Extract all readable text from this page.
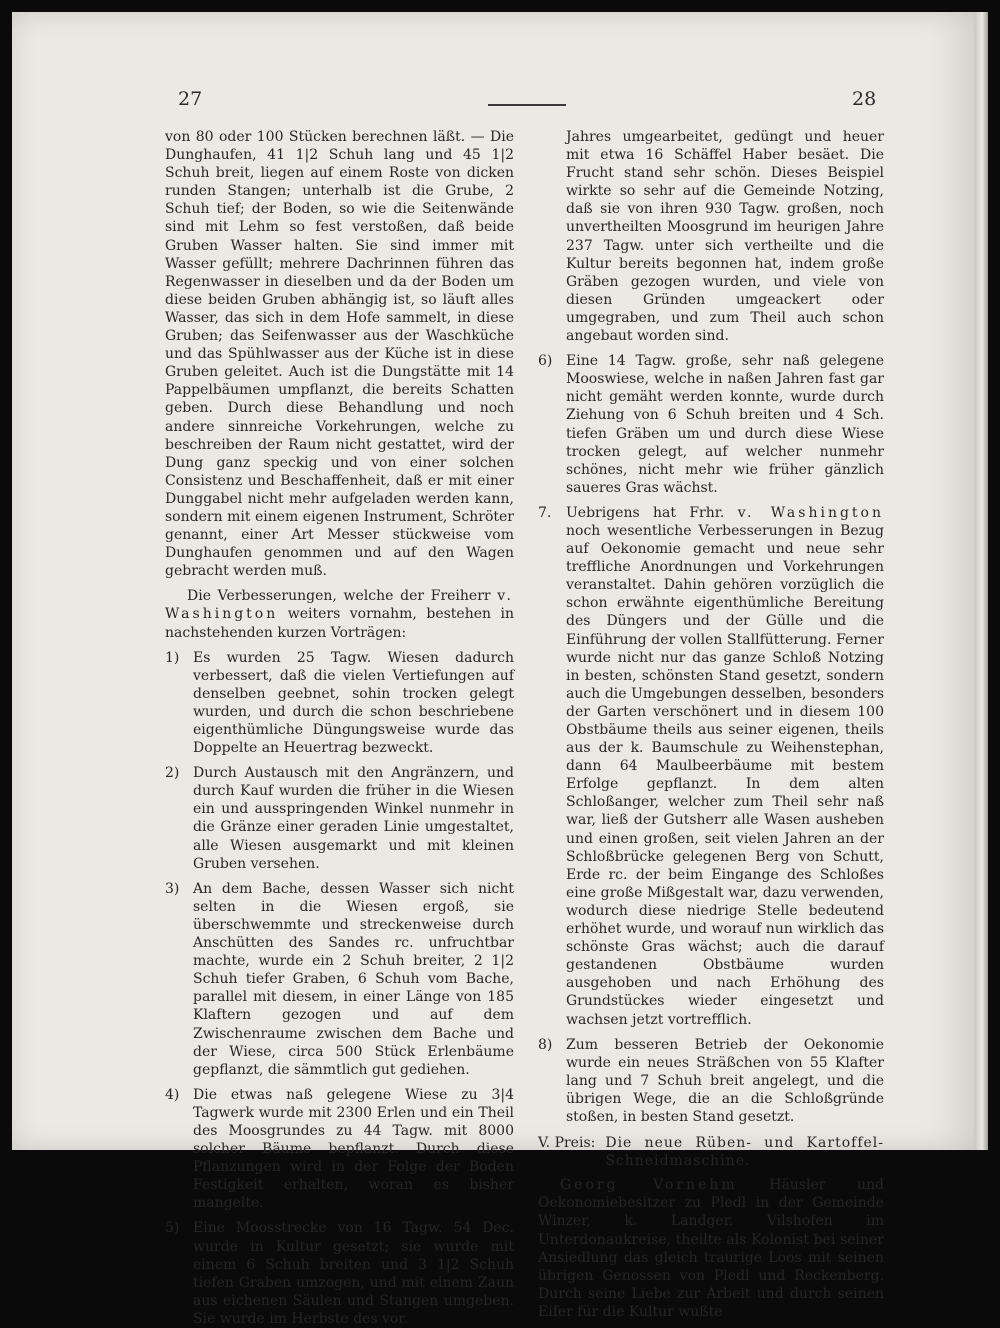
27	28

von 80 oder 100 Stücken berechnen läßt. — Die Dunghaufen, 41 1|2 Schuh lang und 45 1|2 Schuh breit, liegen auf einem Roste von dicken runden Stangen; unterhalb ist die Grube, 2 Schuh tief; der Boden, so wie die Seitenwände sind mit Lehm so fest verstoßen, daß beide Gruben Wasser halten. Sie sind immer mit Wasser gefüllt; mehrere Dachrinnen führen das Regenwasser in dieselben und da der Boden um diese beiden Gruben abhängig ist, so läuft alles Wasser, das sich in dem Hofe sammelt, in diese Gruben; das Seifenwasser aus der Waschküche und das Spühlwasser aus der Küche ist in diese Gruben geleitet. Auch ist die Dungstätte mit 14 Pappelbäumen umpflanzt, die bereits Schatten geben. Durch diese Behandlung und noch andere sinnreiche Vorkehrungen, welche zu beschreiben der Raum nicht gestattet, wird der Dung ganz speckig und von einer solchen Consistenz und Beschaffenheit, daß er mit einer Dunggabel nicht mehr aufgeladen werden kann, sondern mit einem eigenen Instrument, Schröter genannt, einer Art Messer stückweise vom Dunghaufen genommen und auf den Wagen gebracht werden muß.

Die Verbesserungen, welche der Freiherr v. Washington weiters vornahm, bestehen in nachstehenden kurzen Vorträgen:

1) Es wurden 25 Tagw. Wiesen dadurch verbessert, daß die vielen Vertiefungen auf denselben geebnet, sohin trocken gelegt wurden, und durch die schon beschriebene eigenthümliche Düngungsweise wurde das Doppelte an Heuertrag bezweckt.
2) Durch Austausch mit den Angränzern, und durch Kauf wurden die früher in die Wiesen ein und ausspringenden Winkel nunmehr in die Gränze einer geraden Linie umgestaltet, alle Wiesen ausgemarkt und mit kleinen Gruben versehen.
3) An dem Bache, dessen Wasser sich nicht selten in die Wiesen ergoß, sie überschwemmte und streckenweise durch Anschütten des Sandes rc. unfruchtbar machte, wurde ein 2 Schuh breiter, 2 1|2 Schuh tiefer Graben, 6 Schuh vom Bache, parallel mit diesem, in einer Länge von 185 Klaftern gezogen und auf dem Zwischenraume zwischen dem Bache und der Wiese, circa 500 Stück Erlenbäume gepflanzt, die sämmtlich gut gediehen.
4) Die etwas naß gelegene Wiese zu 3|4 Tagwerk wurde mit 2300 Erlen und ein Theil des Moosgrundes zu 44 Tagw. mit 8000 solcher Bäume bepflanzt. Durch diese Pflanzungen wird in der Folge der Boden Festigkeit erhalten, woran es bisher mangelte.
5) Eine Moosstrecke von 16 Tagw. 54 Dec. wurde in Kultur gesetzt; sie wurde mit einem 6 Schuh breiten und 3 1|2 Schuh tiefen Graben umzogen, und mit einem Zaun aus eichenen Säulen und Stangen umgeben. Sie wurde im Herbste des vor.

Jahres umgearbeitet, gedüngt und heuer mit etwa 16 Schäffel Haber besäet. Die Frucht stand sehr schön. Dieses Beispiel wirkte so sehr auf die Gemeinde Notzing, daß sie von ihren 930 Tagw. großen, noch unvertheilten Moosgrund im heurigen Jahre 237 Tagw. unter sich vertheilte und die Kultur bereits begonnen hat, indem große Gräben gezogen wurden, und viele von diesen Gründen umgeackert oder umgegraben, und zum Theil auch schon angebaut worden sind.

6) Eine 14 Tagw. große, sehr naß gelegene Mooswiese, welche in naßen Jahren fast gar nicht gemäht werden konnte, wurde durch Ziehung von 6 Schuh breiten und 4 Sch. tiefen Gräben um und durch diese Wiese trocken gelegt, auf welcher nunmehr schönes, nicht mehr wie früher gänzlich saueres Gras wächst.
7.	Uebrigens hat Frhr. v. Washington noch wesentliche Verbesserungen in Bezug auf Oekonomie gemacht und neue sehr treffliche Anordnungen und Vorkehrungen veranstaltet. Dahin gehören vorzüglich die schon erwähnte eigenthümliche Bereitung des Düngers und der Gülle und die Einführung der vollen Stallfütterung. Ferner wurde nicht nur das ganze Schloß Notzing in besten, schönsten Stand gesetzt, sondern auch die Umgebungen desselben, besonders der Garten verschönert und in diesem 100 Obstbäume theils aus seiner eigenen, theils aus der k. Baumschule zu Weihenstephan, dann 64 Maulbeerbäume mit bestem Erfolge gepflanzt. In dem alten Schloßanger, welcher zum Theil sehr naß war, ließ der Gutsherr alle Wasen ausheben und einen großen, seit vielen Jahren an der Schloßbrücke gelegenen Berg von Schutt, Erde rc. der beim Eingange des Schloßes eine große Mißgestalt war, dazu verwenden, wodurch diese niedrige Stelle bedeutend erhöhet wurde, und worauf nun wirklich das schönste Gras wächst; auch die darauf gestandenen Obstbäume wurden ausgehoben und nach Erhöhung des Grundstückes wieder eingesetzt und wachsen jetzt vortrefflich.
8) Zum besseren Betrieb der Oekonomie wurde ein neues Sträßchen von 55 Klafter lang und 7 Schuh breit angelegt, und die übrigen Wege, die an die Schloßgründe stoßen, in besten Stand gesetzt.
V. Preis: Die neue Rüben- und Kartoffel-Schneidmaschine.

Georg Vornehm Häusler und Oekonomiebesitzer zu Pledl in der Gemeinde Winzer, k. Landger. Vilshofen im Unterdonaukreise, theilte als Kolonist bei seiner Ansiedlung das gleich traurige Loos mit seinen übrigen Genossen von Pledl und Reckenberg. Durch seine Liebe zur Arbeit und durch seinen Eifer für die Kultur wußte
